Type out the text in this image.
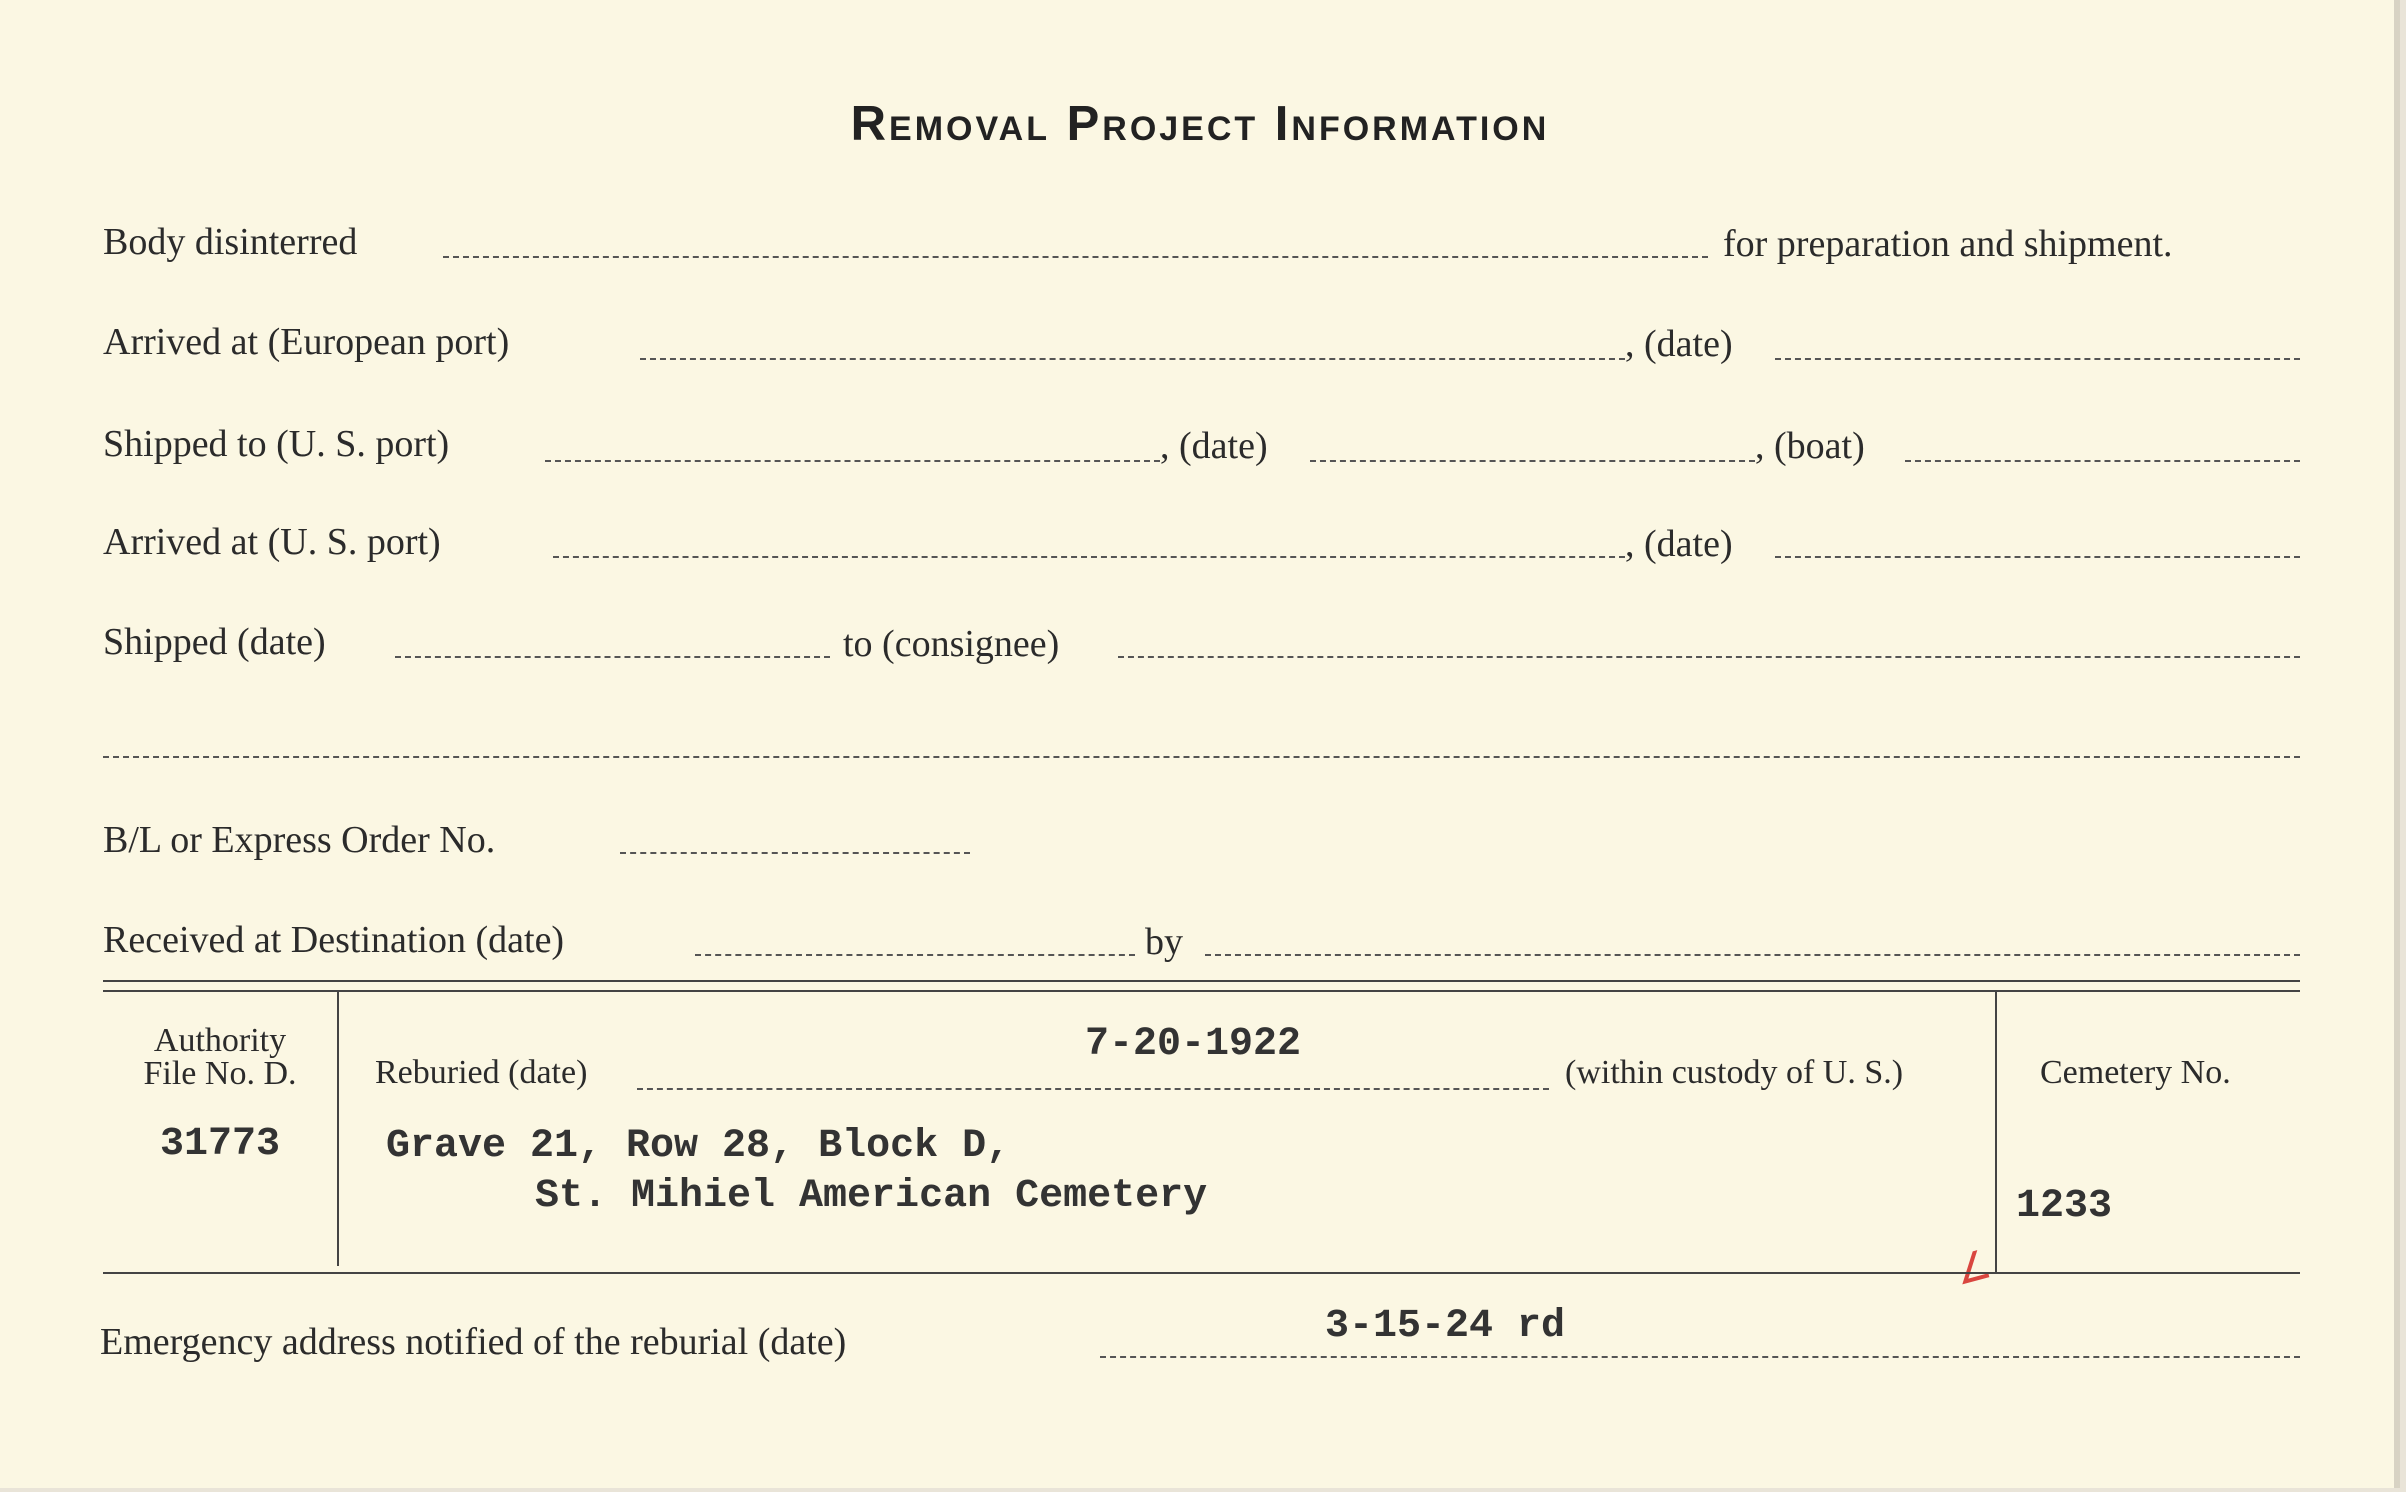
Removal Project Information
Body disinterred	for preparation and shipment.
Arrived at (European port)	, (date)
Shipped to (U. S. port)	, (date)	, (boat)
Arrived at (U. S. port)	, (date)
Shipped (date)	to (consignee)
B/L or Express Order No.
Received at Destination (date)	by
Authority
File No. D.
31773
Reburied (date)
7-20-1922
(within custody of U. S.)
Grave 21, Row 28, Block D,
St. Mihiel American Cemetery
Cemetery No.
1233
∠
Emergency address notified of the reburial (date)	3-15-24 rd
